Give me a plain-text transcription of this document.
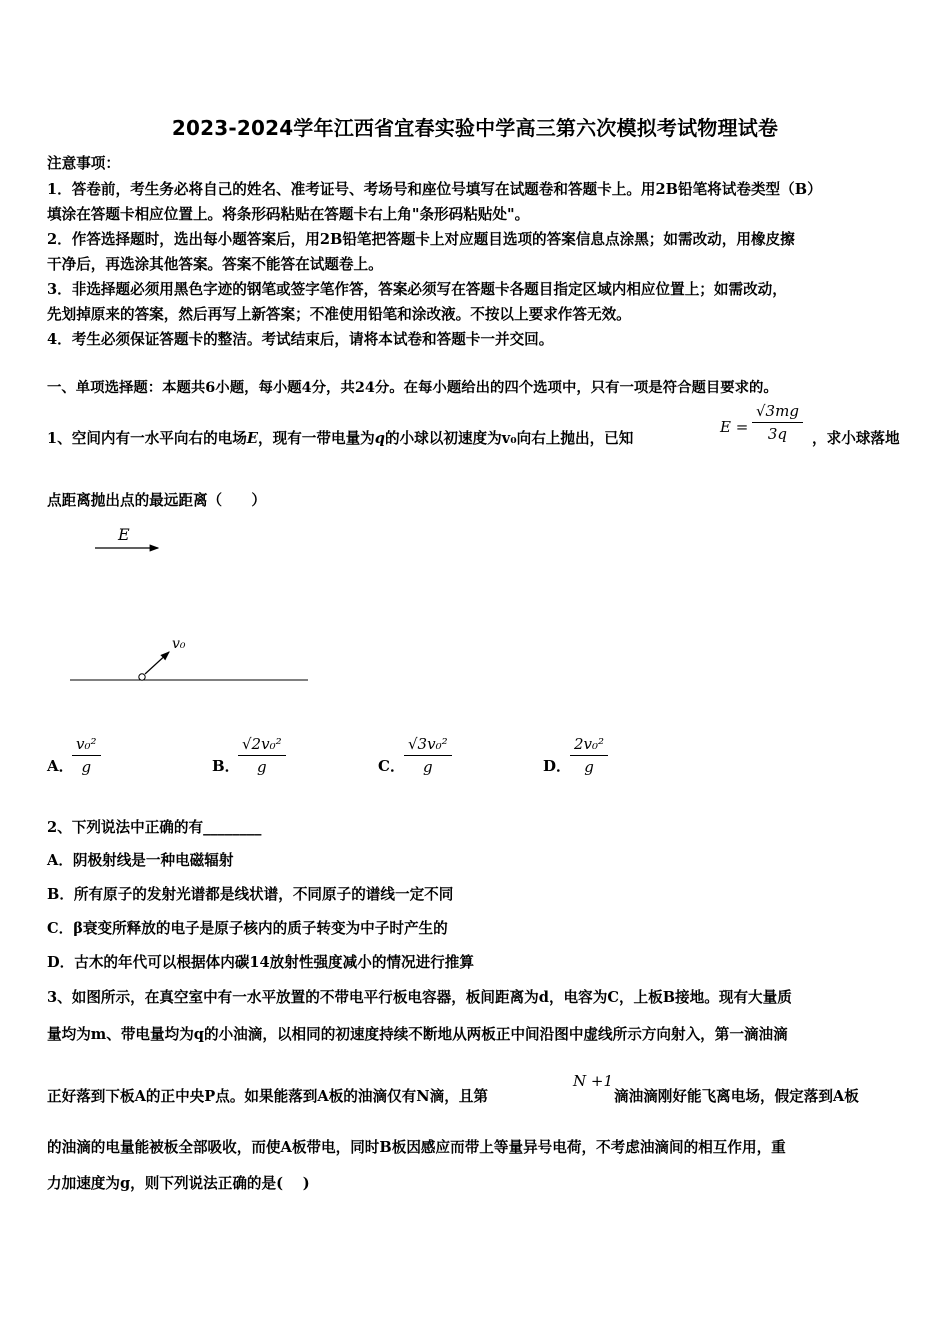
2023-2024学年江西省宜春实验中学高三第六次模拟考试物理试卷
注意事项：
1．答卷前，考生务必将自己的姓名、准考证号、考场号和座位号填写在试题卷和答题卡上。用2B铅笔将试卷类型（B）
填涂在答题卡相应位置上。将条形码粘贴在答题卡右上角"条形码粘贴处"。
2．作答选择题时，选出每小题答案后，用2B铅笔把答题卡上对应题目选项的答案信息点涂黑；如需改动，用橡皮擦
干净后，再选涂其他答案。答案不能答在试题卷上。
3．非选择题必须用黑色字迹的钢笔或签字笔作答，答案必须写在答题卡各题目指定区域内相应位置上；如需改动，
先划掉原来的答案，然后再写上新答案；不准使用铅笔和涂改液。不按以上要求作答无效。
4．考生必须保证答题卡的整洁。考试结束后，请将本试卷和答题卡一并交回。
一、单项选择题：本题共6小题，每小题4分，共24分。在每小题给出的四个选项中，只有一项是符合题目要求的。
1、空间内有一水平向右的电场E，现有一带电量为q的小球以初速度为v₀向右上抛出，已知
$E = \frac{√3mg}{3q}$ ，求小球落地
点距离抛出点的最远距离（　　）
E
v₀
A．
$\frac{\text{v₀²}}{g}$	B．
$\frac{\text{√2v₀²}}{g}$	C． $\frac{\text{√3v₀²}}{g}$	D．
$\frac{\text{2v₀²}}{g}$
2、下列说法中正确的有________
A．阴极射线是一种电磁辐射
B．所有原子的发射光谱都是线状谱，不同原子的谱线一定不同
C．β衰变所释放的电子是原子核内的质子转变为中子时产生的
D．古木的年代可以根据体内碳14放射性强度减小的情况进行推算
3、如图所示，在真空室中有一水平放置的不带电平行板电容器，板间距离为d，电容为C，上板B接地。现有大量质
量均为m、带电量均为q的小油滴，以相同的初速度持续不断地从两板正中间沿图中虚线所示方向射入，第一滴油滴
正好落到下板A的正中央P点。如果能落到A板的油滴仅有N滴，且第
N +1
滴油滴刚好能飞离电场，假定落到A板
的油滴的电量能被板全部吸收，而使A板带电，同时B板因感应而带上等量异号电荷，不考虑油滴间的相互作用，重
力加速度为g，则下列说法正确的是(　 )
